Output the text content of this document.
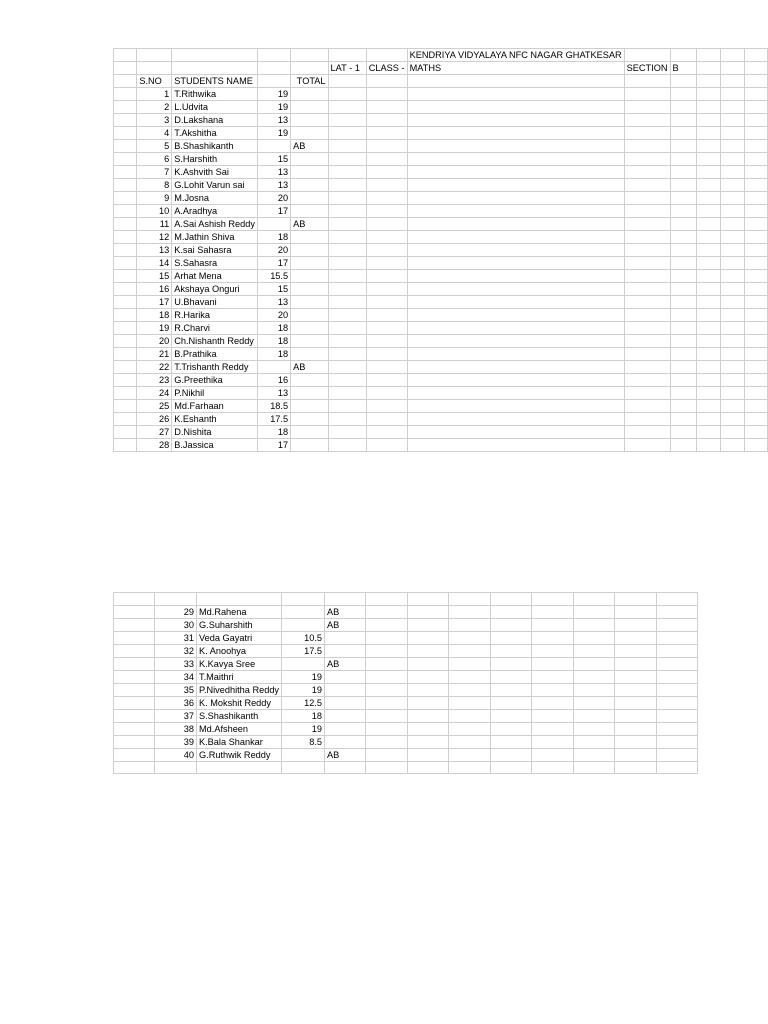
							KENDRIYA VIDYALAYA NFC NAGAR GHATKESAR					
					LAT - 1	CLASS -	MATHS	SECTION	B			
	S.NO	STUDENTS NAME		TOTAL								
	1	T.Rithwika	19									
	2	L.Udvita	19									
	3	D.Lakshana	13									
	4	T.Akshitha	19									
	5	B.Shashikanth		AB								
	6	S.Harshith	15									
	7	K.Ashvith Sai	13									
	8	G.Lohit Varun sai	13									
	9	M.Josna	20									
	10	A.Aradhya	17									
	11	A.Sai Ashish Reddy		AB								
	12	M.Jathin Shiva	18									
	13	K.sai Sahasra	20									
	14	S.Sahasra	17									
	15	Arhat Mena	15.5									
	16	Akshaya Onguri	15									
	17	U.Bhavani	13									
	18	R.Harika	20									
	19	R.Charvi	18									
	20	Ch.Nishanth Reddy	18									
	21	B.Prathika	18									
	22	T.Trishanth Reddy		AB								
	23	G.Preethika	16									
	24	P.Nikhil	13									
	25	Md.Farhaan	18.5									
	26	K.Eshanth	17.5									
	27	D.Nishita	18									
	28	B.Jassica	17									

	29	Md.Rahena		AB								
	30	G.Suharshith		AB								
	31	Veda Gayatri	10.5									
	32	K. Anoohya	17.5									
	33	K.Kavya Sree		AB								
	34	T.Maithri	19									
	35	P.Nivedhitha Reddy	19									
	36	K. Mokshit Reddy	12.5									
	37	S.Shashikanth	18									
	38	Md.Afsheen	19									
	39	K.Bala Shankar	8.5									
	40	G.Ruthwik Reddy		AB								
